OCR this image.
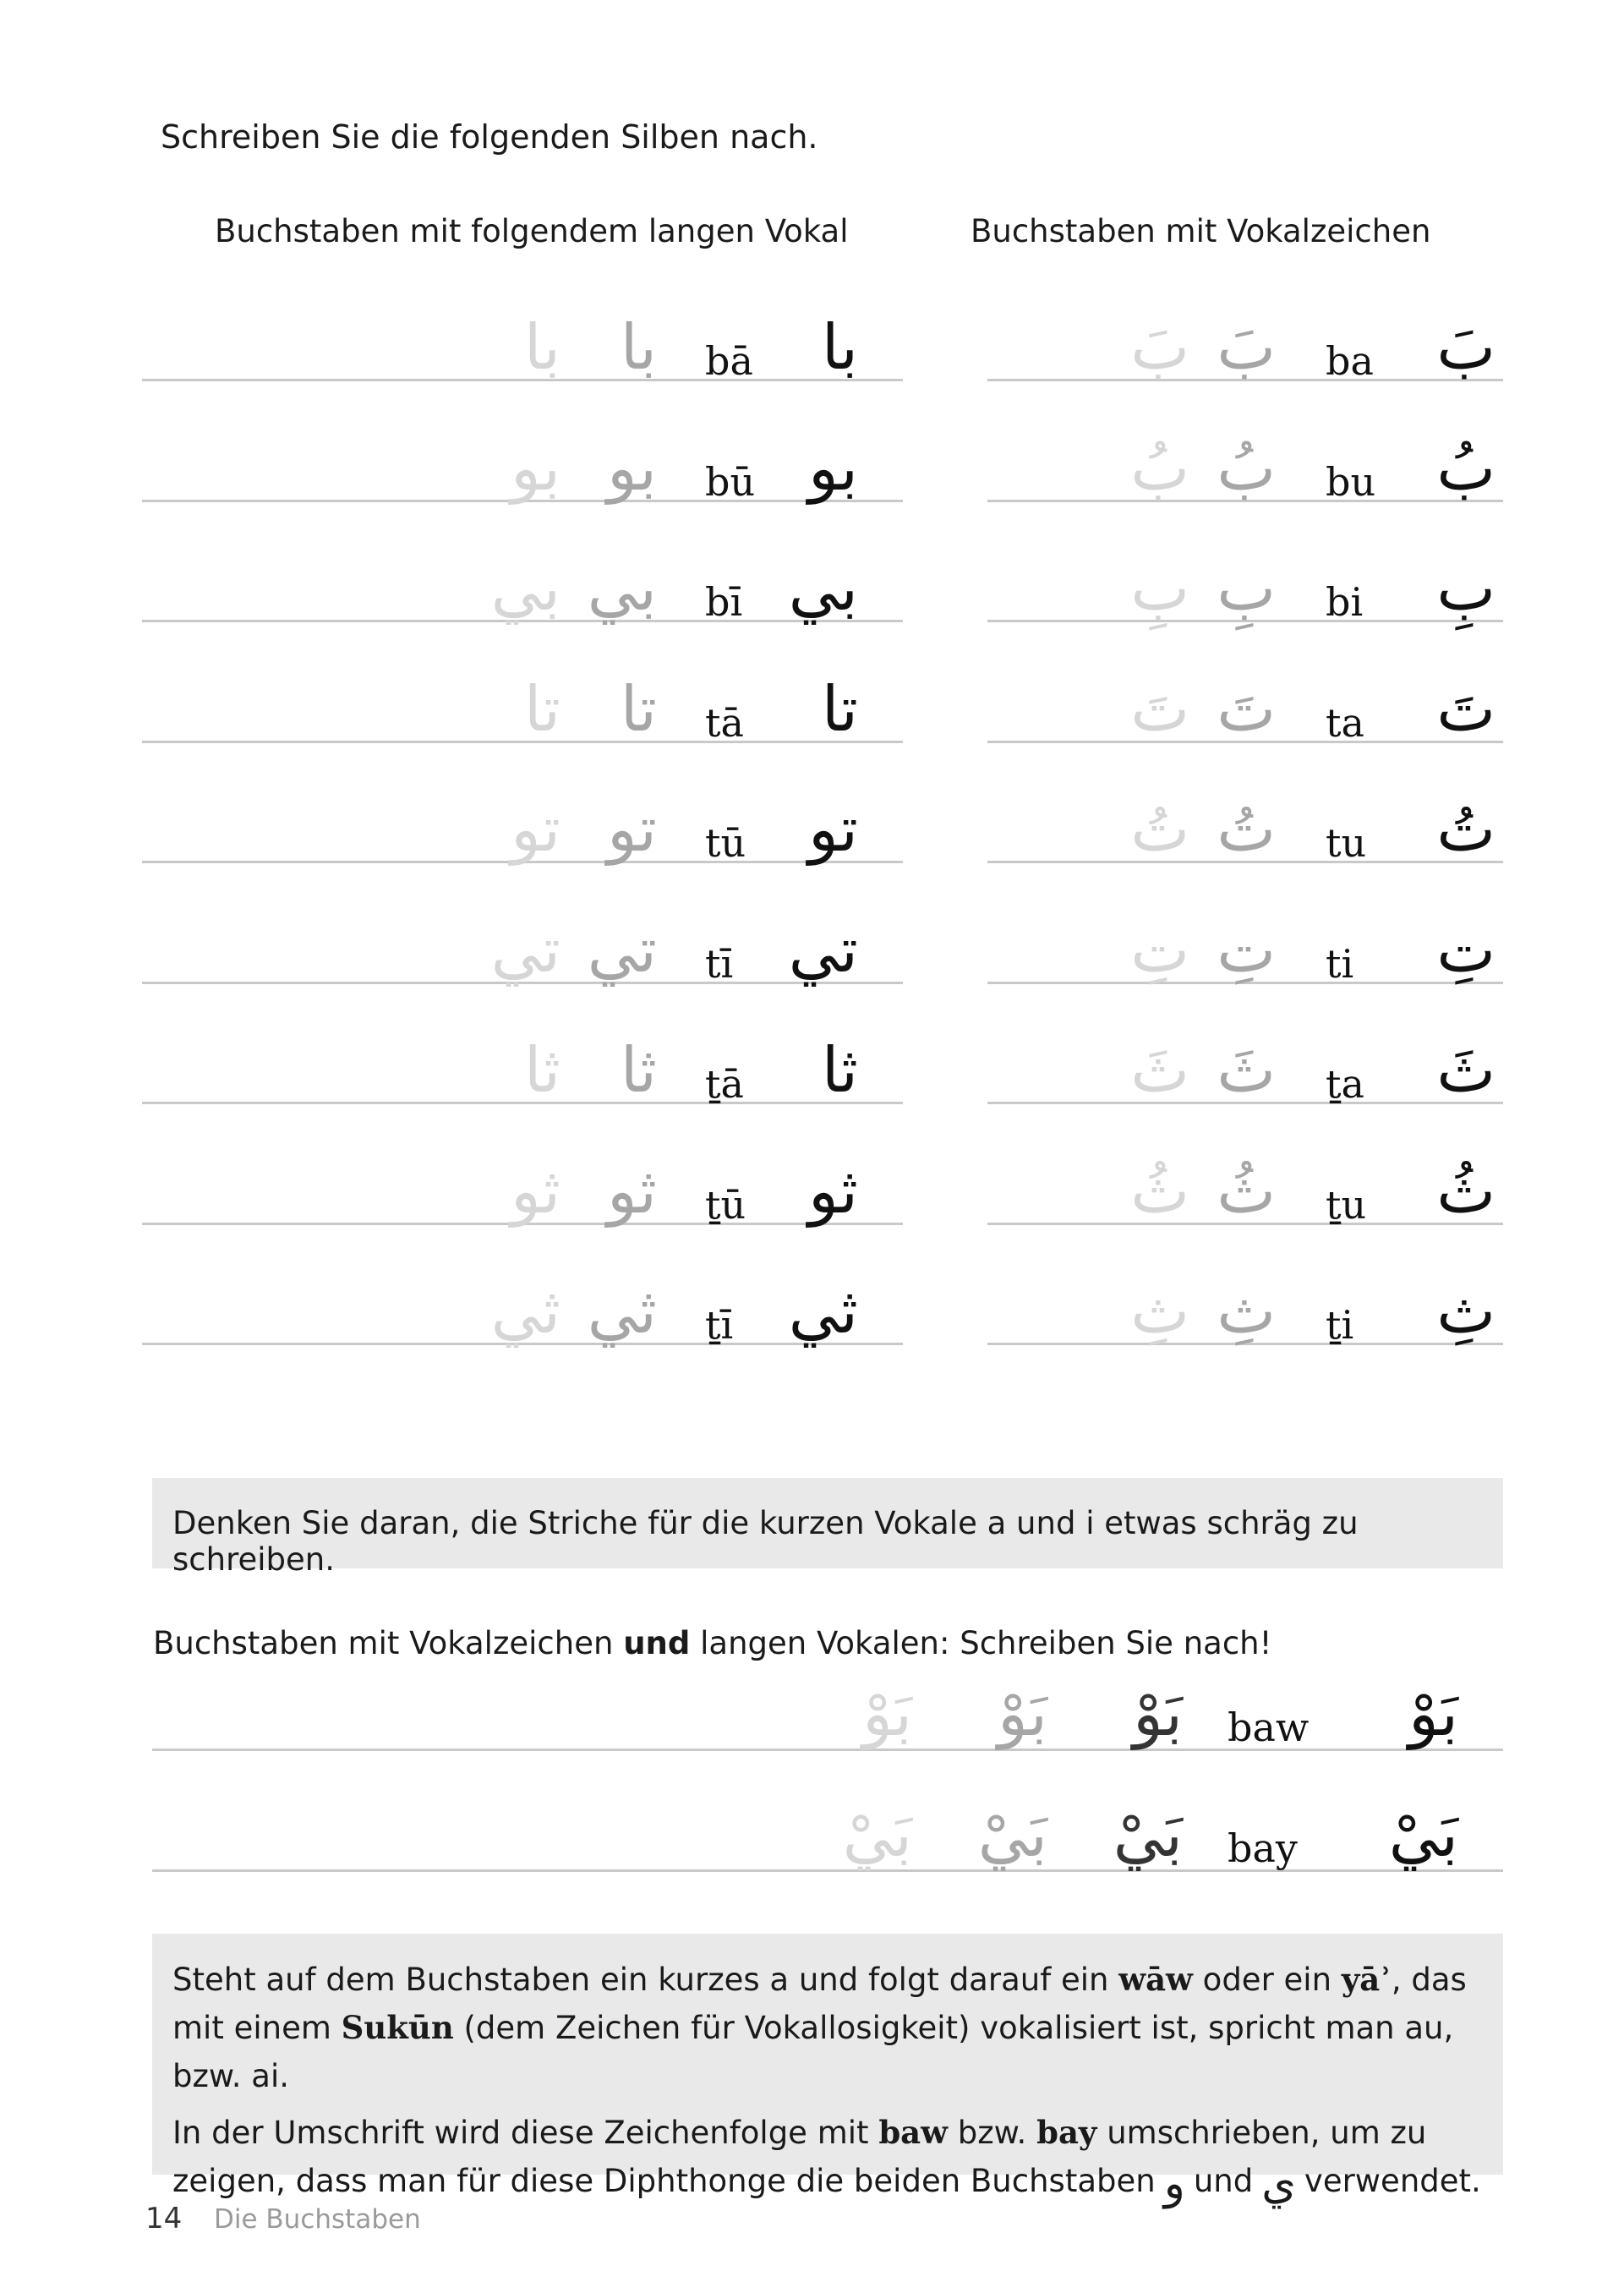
Schreiben Sie die folgenden Silben nach.
Buchstaben mit folgendem langen Vokal	Buchstaben mit Vokalzeichen
با با bā با	بَ بَ ba بَ
بو بو bū بو	بُ بُ bu بُ
بي بي bī بي	بِ بِ bi بِ
تا تا tā تا	تَ تَ ta تَ
تو تو tū تو	تُ تُ tu تُ
تي تي tī تي	تِ تِ ti تِ
ثا ثا ṯā ثا	ثَ ثَ ṯa ثَ
ثو ثو ṯū ثو	ثُ ثُ ṯu ثُ
ثي ثي ṯī ثي	ثِ ثِ ṯi ثِ
Denken Sie daran, die Striche für die kurzen Vokale a und i etwas schräg zu schreiben.
Buchstaben mit Vokalzeichen und langen Vokalen: Schreiben Sie nach!
بَوْ بَوْ بَوْ baw بَوْ
بَيْ بَيْ بَيْ bay بَيْ

Steht auf dem Buchstaben ein kurzes a und folgt darauf ein wāw oder ein yāʾ, das mit einem Sukūn (dem Zeichen für Vokallosigkeit) vokalisiert ist, spricht man au, bzw. ai.

In der Umschrift wird diese Zeichenfolge mit baw bzw. bay umschrieben, um zu zeigen, dass man für diese Diphthonge die beiden Buchstaben و und ي verwendet.

14 Die Buchstaben
